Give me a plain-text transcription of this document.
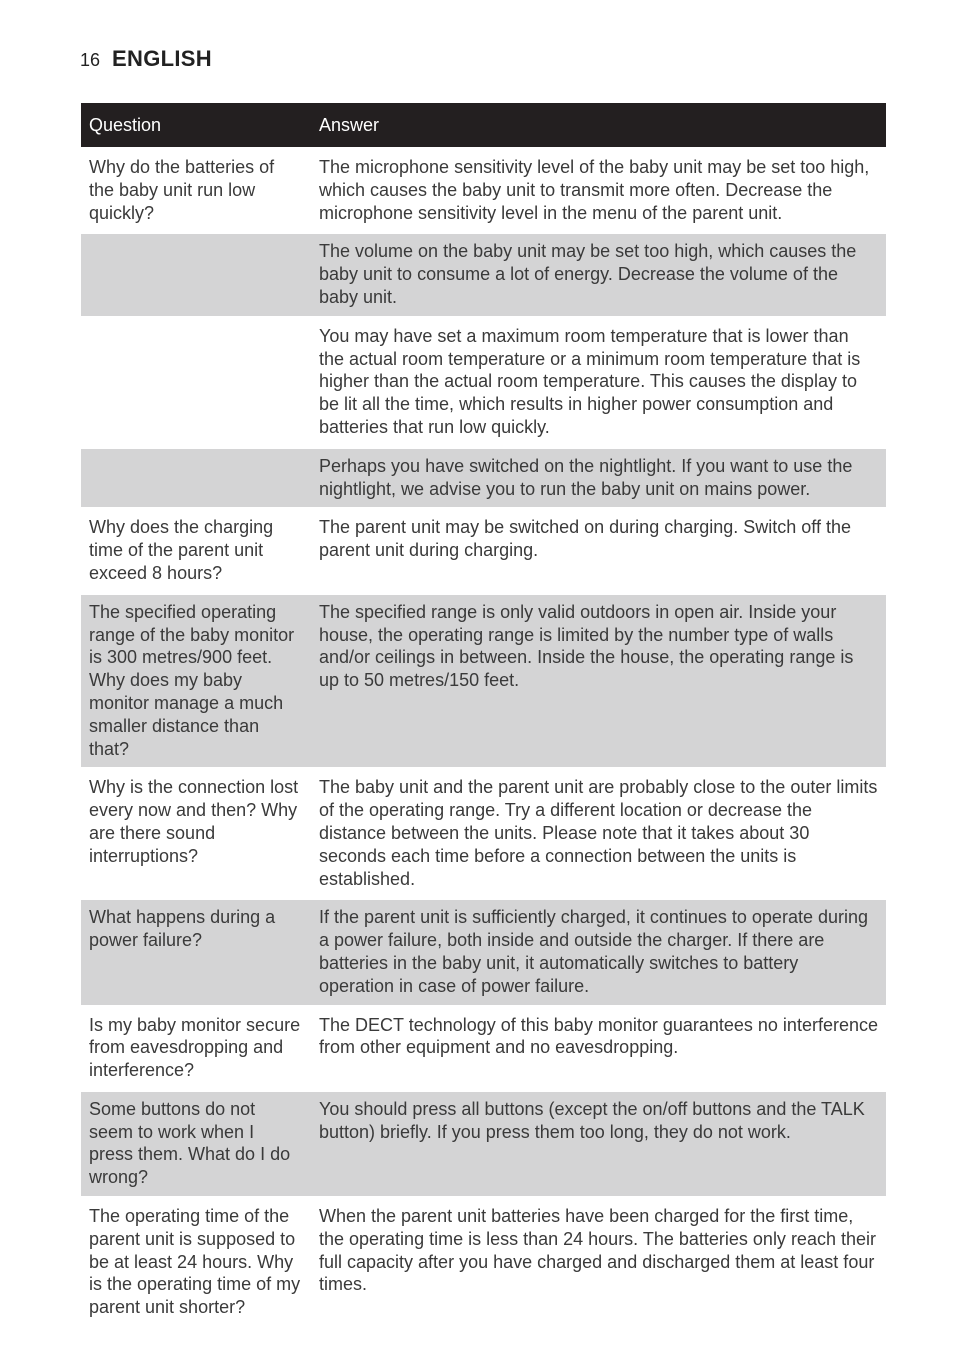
16 ENGLISH
Question	Answer
Why do the batteries of the baby unit run low quickly?	The microphone sensitivity level of the baby unit may be set too high, which causes the baby unit to transmit more often. Decrease the microphone sensitivity level in the menu of the parent unit.
	The volume on the baby unit may be set too high, which causes the baby unit to consume a lot of energy. Decrease the volume of the baby unit.
	You may have set a maximum room temperature that is lower than the actual room temperature or a minimum room temperature that is higher than the actual room temperature. This causes the display to be lit all the time, which results in higher power consumption and batteries that run low quickly.
	Perhaps you have switched on the nightlight. If you want to use the nightlight, we advise you to run the baby unit on mains power.
Why does the charging time of the parent unit exceed 8 hours?	The parent unit may be switched on during charging. Switch off the parent unit during charging.
The specified operating range of the baby monitor is 300 metres/900 feet. Why does my baby monitor manage a much smaller distance than that?	The specified range is only valid outdoors in open air. Inside your house, the operating range is limited by the number type of walls and/or ceilings in between. Inside the house, the operating range is up to 50 metres/150 feet.
Why is the connection lost every now and then? Why are there sound interruptions?	The baby unit and the parent unit are probably close to the outer limits of the operating range. Try a different location or decrease the distance between the units. Please note that it takes about 30 seconds each time before a connection between the units is established.
What happens during a power failure?	If the parent unit is sufficiently charged, it continues to operate during a power failure, both inside and outside the charger. If there are batteries in the baby unit, it automatically switches to battery operation in case of power failure.
Is my baby monitor secure from eavesdropping and interference?	The DECT technology of this baby monitor guarantees no interference from other equipment and no eavesdropping.
Some buttons do not seem to work when I press them. What do I do wrong?	You should press all buttons (except the on/off buttons and the TALK button) briefly. If you press them too long, they do not work.
The operating time of the parent unit is supposed to be at least 24 hours. Why is the operating time of my parent unit shorter?	When the parent unit batteries have been charged for the first time, the operating time is less than 24 hours. The batteries only reach their full capacity after you have charged and discharged them at least four times.
